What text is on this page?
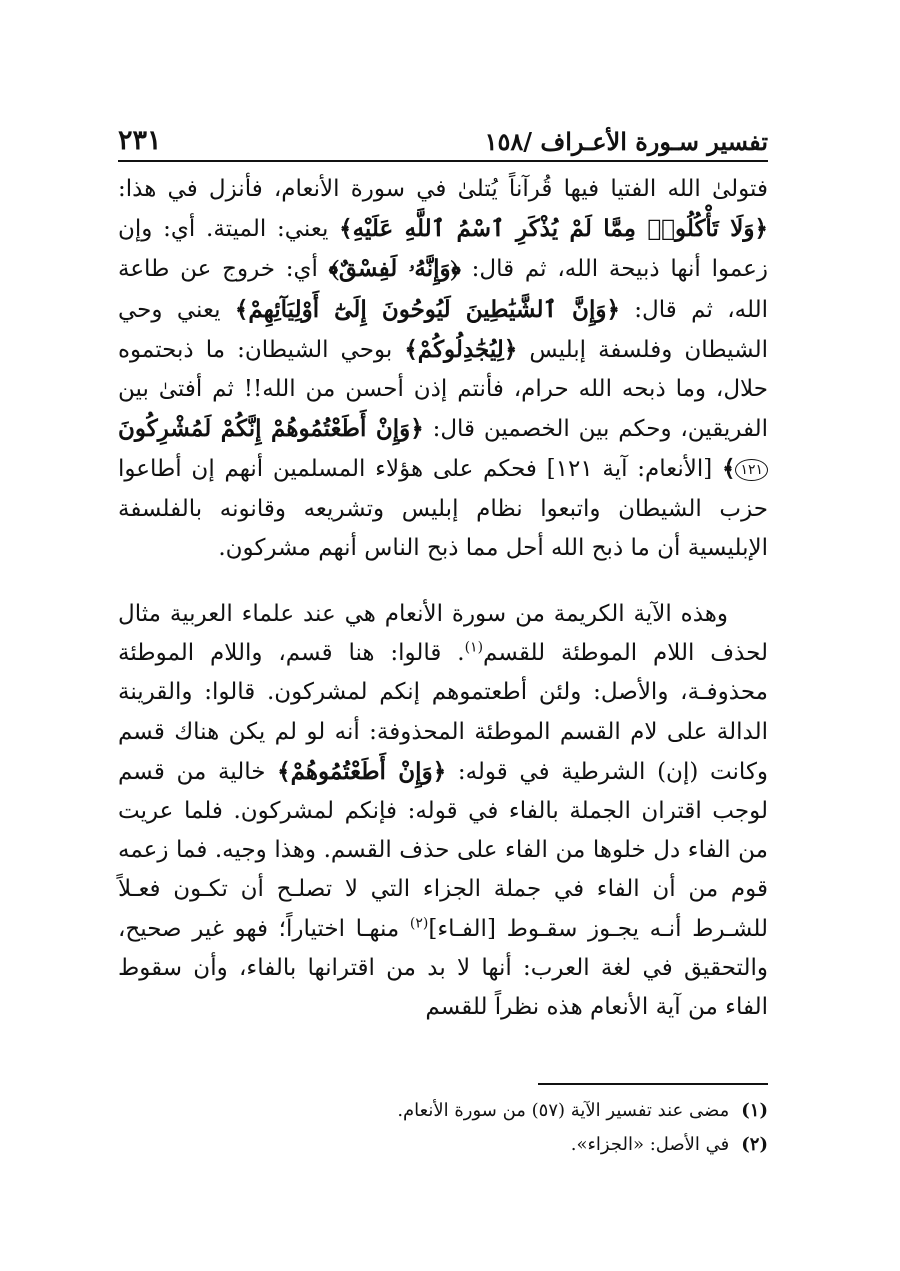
تفسير سـورة الأعـراف /١٥٨
٢٣١

فتولىٰ الله الفتيا فيها قُرآناً يُتلىٰ في سورة الأنعام، فأنزل في هذا: ﴿وَلَا تَأْكُلُوا۟ مِمَّا لَمْ يُذْكَرِ ٱسْمُ ٱللَّهِ عَلَيْهِ﴾ يعني: الميتة. أي: وإن زعموا أنها ذبيحة الله، ثم قال: ﴿وَإِنَّهُۥ لَفِسْقٌ﴾ أي: خروج عن طاعة الله، ثم قال: ﴿وَإِنَّ ٱلشَّيَٰطِينَ لَيُوحُونَ إِلَىٰٓ أَوْلِيَآئِهِمْ﴾ يعني وحي الشيطان وفلسفة إبليس ﴿لِيُجَٰدِلُوكُمْ﴾ بوحي الشيطان: ما ذبحتموه حلال، وما ذبحه الله حرام، فأنتم إذن أحسن من الله!! ثم أفتىٰ بين الفريقين، وحكم بين الخصمين قال: ﴿وَإِنْ أَطَعْتُمُوهُمْ إِنَّكُمْ لَمُشْرِكُونَ١٢١﴾ [الأنعام: آية ١٢١] فحكم على هؤلاء المسلمين أنهم إن أطاعوا حزب الشيطان واتبعوا نظام إبليس وتشريعه وقانونه بالفلسفة الإبليسية أن ما ذبح الله أحل مما ذبح الناس أنهم مشركون.

وهذه الآية الكريمة من سورة الأنعام هي عند علماء العربية مثال لحذف اللام الموطئة للقسم$^{(١)}$. قالوا: هنا قسم، واللام الموطئة محذوفـة، والأصل: ولئن أطعتموهم إنكم لمشركون. قالوا: والقرينة الدالة على لام القسم الموطئة المحذوفة: أنه لو لم يكن هناك قسم وكانت (إن) الشرطية في قوله: ﴿وَإِنْ أَطَعْتُمُوهُمْ﴾ خالية من قسم لوجب اقتران الجملة بالفاء في قوله: فإنكم لمشركون. فلما عريت من الفاء دل خلوها من الفاء على حذف القسم. وهذا وجيه. فما زعمه قوم من أن الفاء في جملة الجزاء التي لا تصلـح أن تكـون فعـلاً للشـرط أنـه يجـوز سقـوط [الفـاء]$^{(٢)}$ منهـا اختياراً؛ فهو غير صحيح، والتحقيق في لغة العرب: أنها لا بد من اقترانها بالفاء، وأن سقوط الفاء من آية الأنعام هذه نظراً للقسم

(١)مضى عند تفسير الآية (٥٧) من سورة الأنعام.
(٢)في الأصل: «الجزاء».
